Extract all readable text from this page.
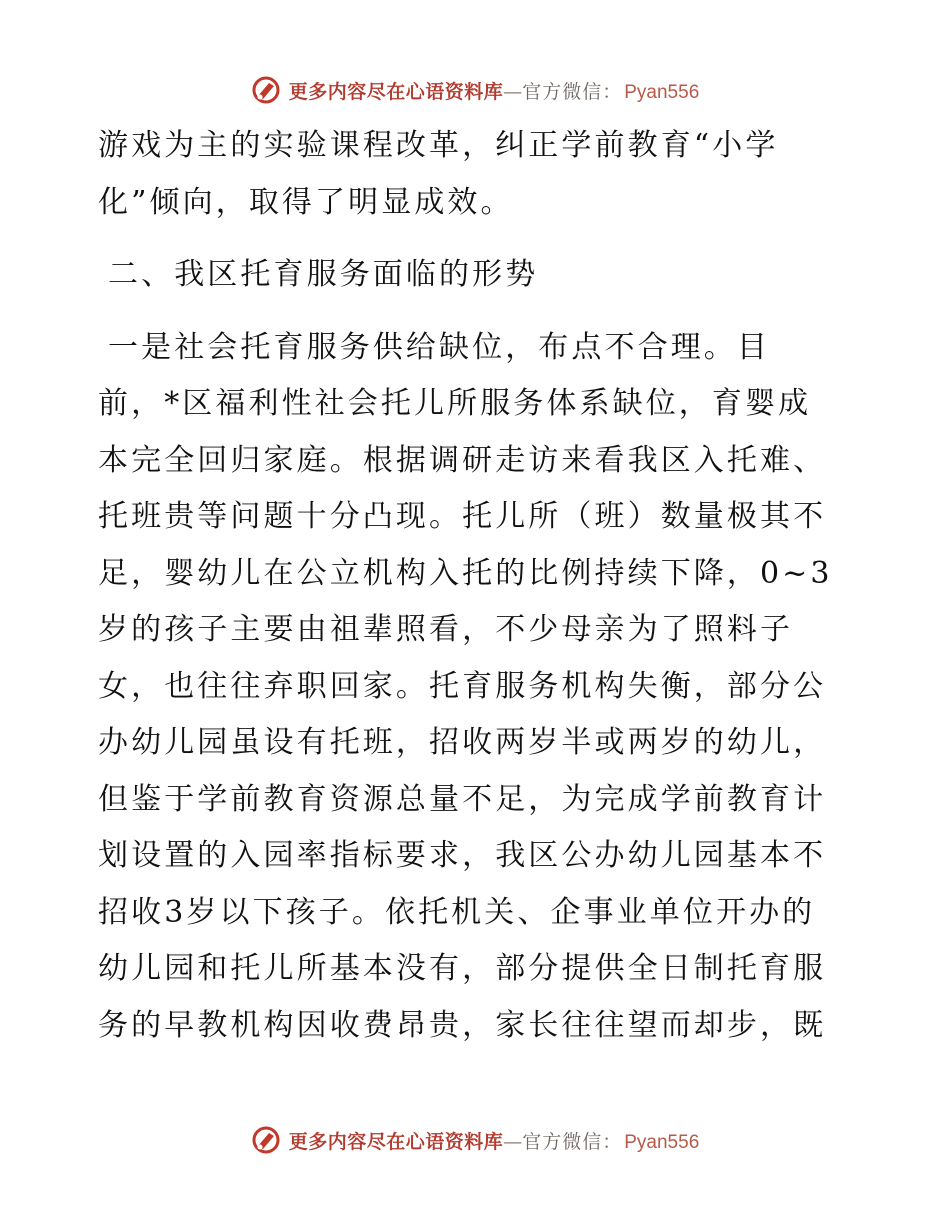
更多内容尽在心语资料库 — 官方微信： Pyan556
游戏为主的实验课程改革，纠正学前教育“小学
化”倾向，取得了明显成效。
二、我区托育服务面临的形势
一是社会托育服务供给缺位，布点不合理。目
前，*区福利性社会托儿所服务体系缺位，育婴成
本完全回归家庭。根据调研走访来看我区入托难、
托班贵等问题十分凸现。托儿所（班）数量极其不
足，婴幼儿在公立机构入托的比例持续下降，0~3
岁的孩子主要由祖辈照看，不少母亲为了照料子
女，也往往弃职回家。托育服务机构失衡，部分公
办幼儿园虽设有托班，招收两岁半或两岁的幼儿，
但鉴于学前教育资源总量不足，为完成学前教育计
划设置的入园率指标要求，我区公办幼儿园基本不
招收3岁以下孩子。依托机关、企事业单位开办的
幼儿园和托儿所基本没有，部分提供全日制托育服
务的早教机构因收费昂贵，家长往往望而却步，既
更多内容尽在心语资料库 — 官方微信： Pyan556
